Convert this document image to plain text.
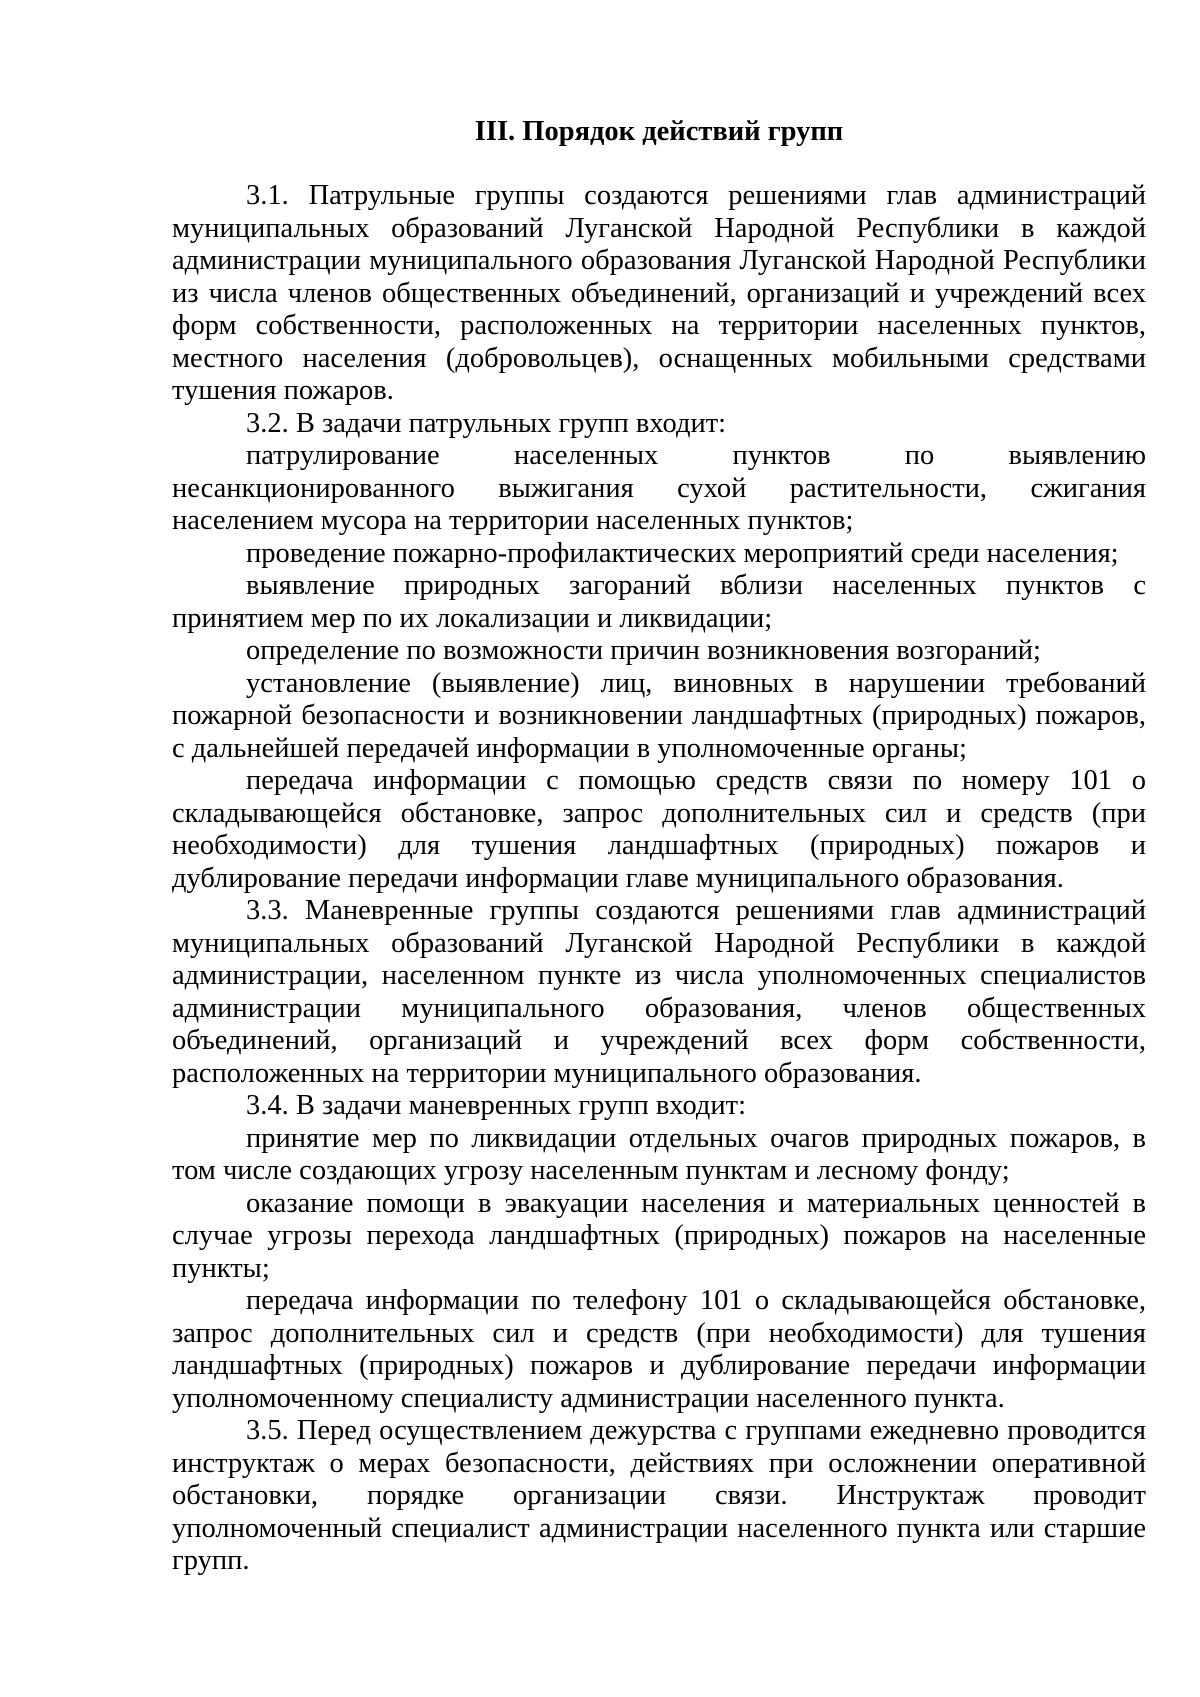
III. Порядок действий групп

3.1. Патрульные группы создаются решениями глав администраций муниципальных образований Луганской Народной Республики в каждой администрации муниципального образования Луганской Народной Республики из числа членов общественных объединений, организаций и учреждений всех форм собственности, расположенных на территории населенных пунктов, местного населения (добровольцев), оснащенных мобильными средствами тушения пожаров.

3.2. В задачи патрульных групп входит:

патрулирование населенных пунктов по выявлению несанкционированного выжигания сухой растительности, сжигания населением мусора на территории населенных пунктов;

проведение пожарно-профилактических мероприятий среди населения;

выявление природных загораний вблизи населенных пунктов с принятием мер по их локализации и ликвидации;

определение по возможности причин возникновения возгораний;

установление (выявление) лиц, виновных в нарушении требований пожарной безопасности и возникновении ландшафтных (природных) пожаров, с дальнейшей передачей информации в уполномоченные органы;

передача информации с помощью средств связи по номеру 101 о складывающейся обстановке, запрос дополнительных сил и средств (при необходимости) для тушения ландшафтных (природных) пожаров и дублирование передачи информации главе муниципального образования.

3.3. Маневренные группы создаются решениями глав администраций муниципальных образований Луганской Народной Республики в каждой администрации, населенном пункте из числа уполномоченных специалистов администрации муниципального образования, членов общественных объединений, организаций и учреждений всех форм собственности, расположенных на территории муниципального образования.

3.4. В задачи маневренных групп входит:

принятие мер по ликвидации отдельных очагов природных пожаров, в том числе создающих угрозу населенным пунктам и лесному фонду;

оказание помощи в эвакуации населения и материальных ценностей в случае угрозы перехода ландшафтных (природных) пожаров на населенные пункты;

передача информации по телефону 101 о складывающейся обстановке, запрос дополнительных сил и средств (при необходимости) для тушения ландшафтных (природных) пожаров и дублирование передачи информации уполномоченному специалисту администрации населенного пункта.

3.5. Перед осуществлением дежурства с группами ежедневно проводится инструктаж о мерах безопасности, действиях при осложнении оперативной обстановки, порядке организации связи. Инструктаж проводит уполномоченный специалист администрации населенного пункта или старшие групп.
